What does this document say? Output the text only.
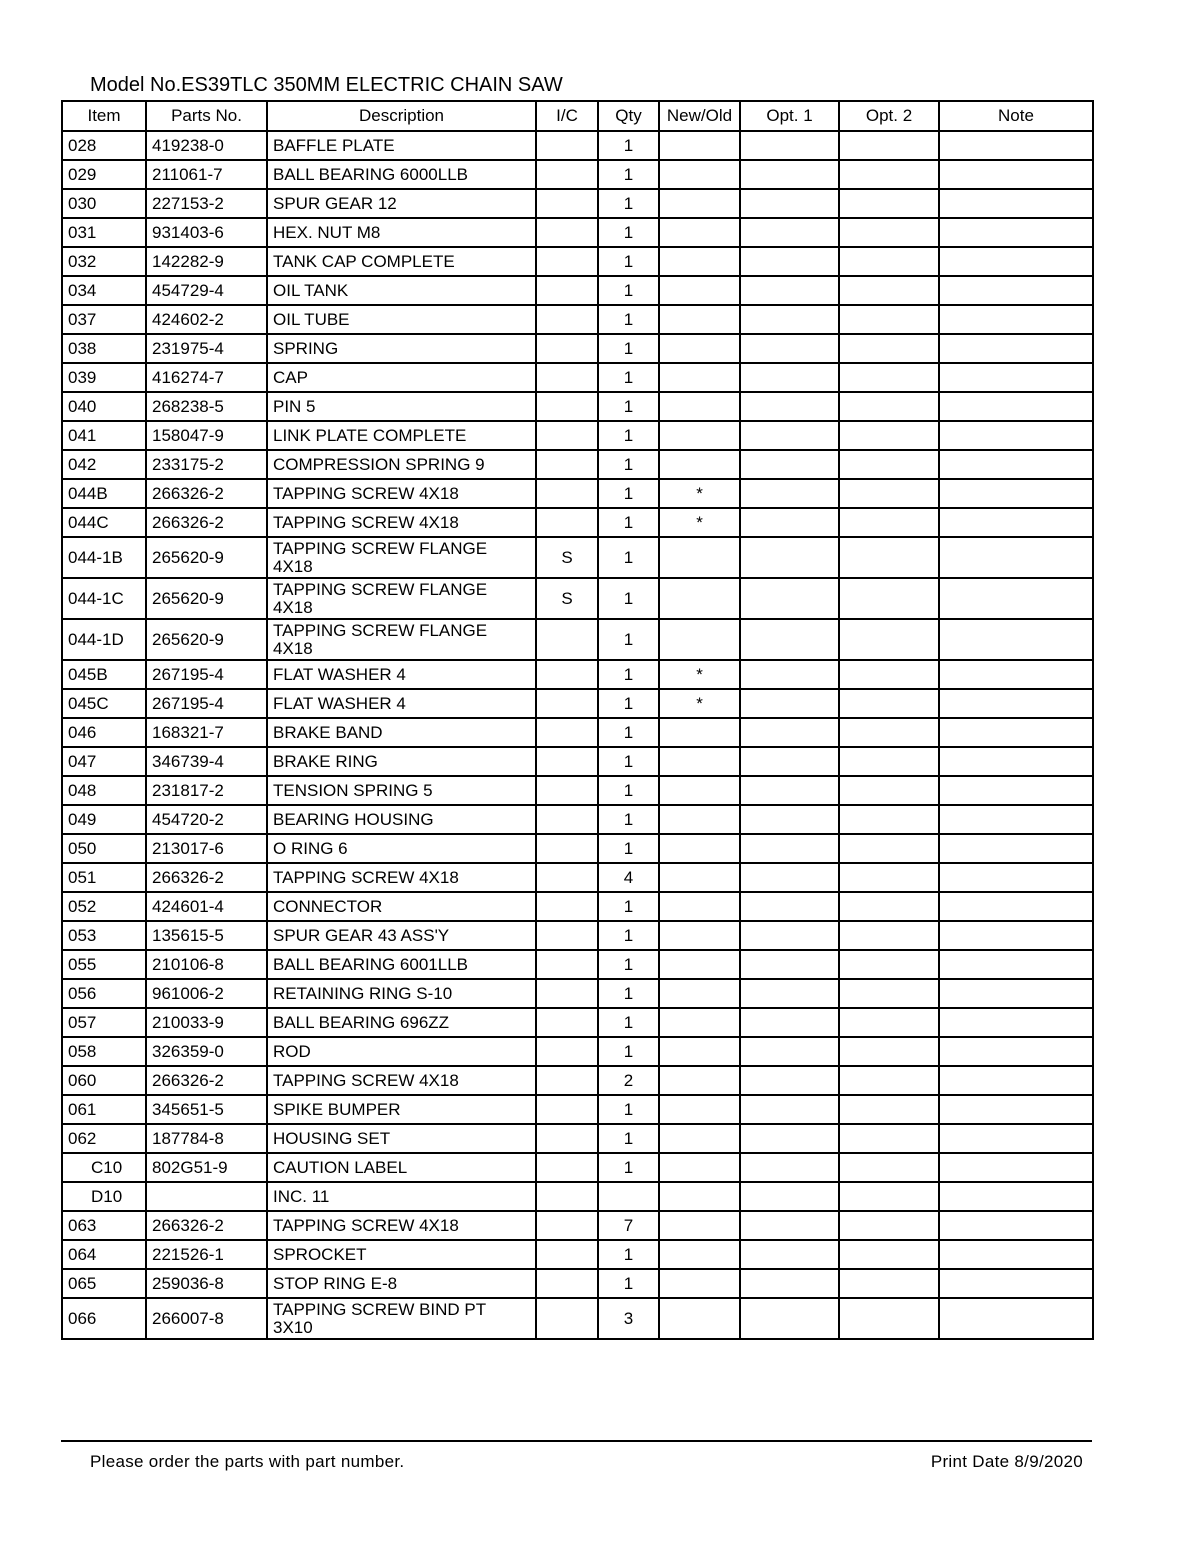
Model No.ES39TLC 350MM ELECTRIC CHAIN SAW
Item	Parts No.	Description	I/C	Qty	New/Old	Opt. 1	Opt. 2	Note
028	419238-0	BAFFLE PLATE		1				
029	211061-7	BALL BEARING 6000LLB		1				
030	227153-2	SPUR GEAR 12		1				
031	931403-6	HEX. NUT M8		1				
032	142282-9	TANK CAP COMPLETE		1				
034	454729-4	OIL TANK		1				
037	424602-2	OIL TUBE		1				
038	231975-4	SPRING		1				
039	416274-7	CAP		1				
040	268238-5	PIN 5		1				
041	158047-9	LINK PLATE COMPLETE		1				
042	233175-2	COMPRESSION SPRING 9		1				
044B	266326-2	TAPPING SCREW 4X18		1	*			
044C	266326-2	TAPPING SCREW 4X18		1	*			
044-1B	265620-9	TAPPING SCREW FLANGE 4X18	S	1				
044-1C	265620-9	TAPPING SCREW FLANGE 4X18	S	1				
044-1D	265620-9	TAPPING SCREW FLANGE 4X18		1				
045B	267195-4	FLAT WASHER 4		1	*			
045C	267195-4	FLAT WASHER 4		1	*			
046	168321-7	BRAKE BAND		1				
047	346739-4	BRAKE RING		1				
048	231817-2	TENSION SPRING 5		1				
049	454720-2	BEARING HOUSING		1				
050	213017-6	O RING 6		1				
051	266326-2	TAPPING SCREW 4X18		4				
052	424601-4	CONNECTOR		1				
053	135615-5	SPUR GEAR 43 ASS'Y		1				
055	210106-8	BALL BEARING 6001LLB		1				
056	961006-2	RETAINING RING S-10		1				
057	210033-9	BALL BEARING 696ZZ		1				
058	326359-0	ROD		1				
060	266326-2	TAPPING SCREW 4X18		2				
061	345651-5	SPIKE BUMPER		1				
062	187784-8	HOUSING SET		1				
C10	802G51-9	CAUTION LABEL		1				
D10		INC. 11						
063	266326-2	TAPPING SCREW 4X18		7				
064	221526-1	SPROCKET		1				
065	259036-8	STOP RING E-8		1				
066	266007-8	TAPPING SCREW BIND PT 3X10		3				
Please order the parts with part number.	Print Date 8/9/2020
